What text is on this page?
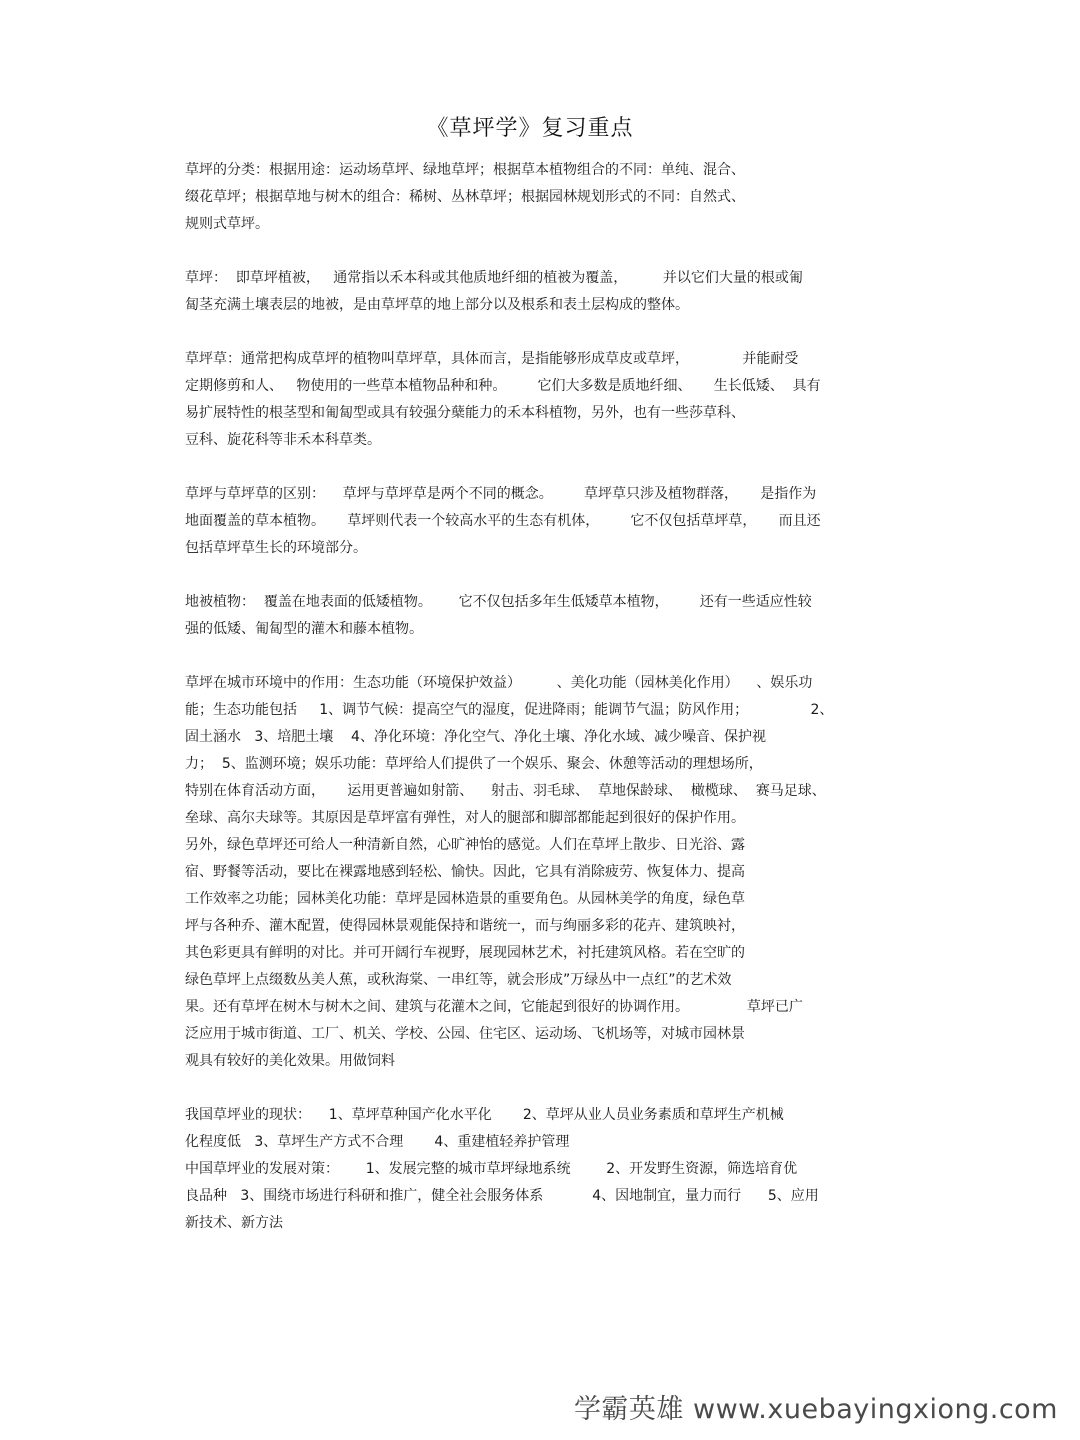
《草坪学》复习重点
草坪的分类：根据用途：运动场草坪、绿地草坪；根据草本植物组合的不同：单纯、混合、
缀花草坪；根据草地与树木的组合：稀树、丛林草坪；根据园林规划形式的不同：自然式、
规则式草坪。
草坪：  即草坪植被，   通常指以禾本科或其他质地纤细的植被为覆盖，        并以它们大量的根或匍
匐茎充满土壤表层的地被，是由草坪草的地上部分以及根系和表土层构成的整体。
草坪草：通常把构成草坪的植物叫草坪草，具体而言，是指能够形成草皮或草坪，            并能耐受
定期修剪和人、   物使用的一些草本植物品种和种。       它们大多数是质地纤细、     生长低矮、  具有
易扩展特性的根茎型和匍匐型或具有较强分蘖能力的禾本科植物，另外，也有一些莎草科、
豆科、旋花科等非禾本科草类。
草坪与草坪草的区别：    草坪与草坪草是两个不同的概念。       草坪草只涉及植物群落，     是指作为
地面覆盖的草本植物。     草坪则代表一个较高水平的生态有机体，       它不仅包括草坪草，     而且还
包括草坪草生长的环境部分。
地被植物：  覆盖在地表面的低矮植物。      它不仅包括多年生低矮草本植物，       还有一些适应性较
强的低矮、匍匐型的灌木和藤本植物。
草坪在城市环境中的作用：生态功能（环境保护效益）        、美化功能（园林美化作用）    、娱乐功
能；生态功能包括     1、调节气候：提高空气的湿度，促进降雨；能调节气温；防风作用；              2、
固土涵水   3、培肥土壤    4、净化环境：净化空气、净化土壤、净化水域、减少噪音、保护视
力；  5、监测环境；娱乐功能：草坪给人们提供了一个娱乐、聚会、休憩等活动的理想场所，
特别在体育活动方面，     运用更普遍如射箭、    射击、羽毛球、  草地保龄球、  橄榄球、  赛马足球、
垒球、高尔夫球等。其原因是草坪富有弹性，对人的腿部和脚部都能起到很好的保护作用。
另外，绿色草坪还可给人一种清新自然，心旷神怡的感觉。人们在草坪上散步、日光浴、露
宿、野餐等活动，要比在裸露地感到轻松、愉快。因此，它具有消除疲劳、恢复体力、提高
工作效率之功能；园林美化功能：草坪是园林造景的重要角色。从园林美学的角度，绿色草
坪与各种乔、灌木配置，使得园林景观能保持和谐统一，而与绚丽多彩的花卉、建筑映衬，
其色彩更具有鲜明的对比。并可开阔行车视野，展现园林艺术，衬托建筑风格。若在空旷的
绿色草坪上点缀数丛美人蕉，或秋海棠、一串红等，就会形成”万绿丛中一点红”的艺术效
果。还有草坪在树木与树木之间、建筑与花灌木之间，它能起到很好的协调作用。             草坪已广
泛应用于城市街道、工厂、机关、学校、公园、住宅区、运动场、飞机场等，对城市园林景
观具有较好的美化效果。用做饲料
我国草坪业的现状：    1、草坪草种国产化水平化       2、草坪从业人员业务素质和草坪生产机械
化程度低   3、草坪生产方式不合理       4、重建植轻养护管理
中国草坪业的发展对策：      1、发展完整的城市草坪绿地系统        2、开发野生资源，筛选培育优
良品种   3、围绕市场进行科研和推广，健全社会服务体系           4、因地制宜，量力而行      5、应用
新技术、新方法
学霸英雄 www.xuebayingxiong.com
